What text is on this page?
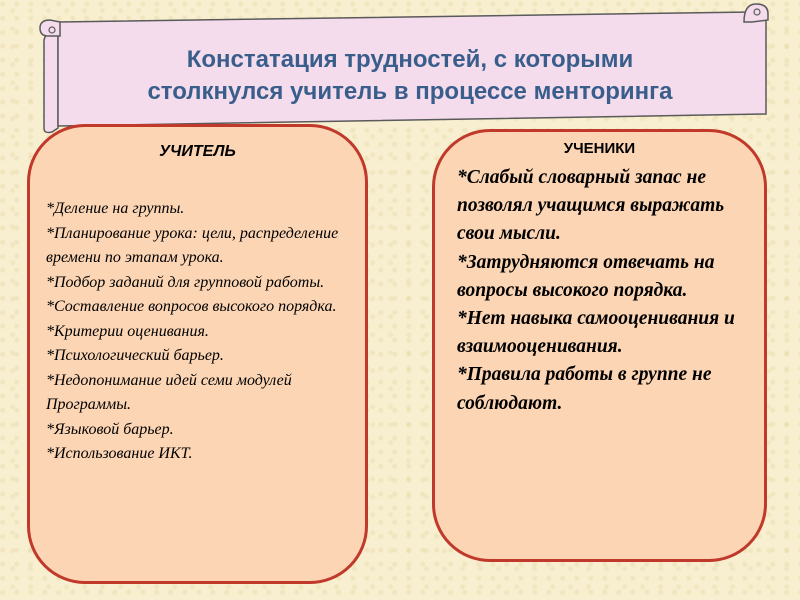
Констатация трудностей, с которыми
столкнулся учитель в процессе менторинга
УЧИТЕЛЬ
*Деление на группы.
*Планирование урока: цели, распределение времени по этапам урока.
*Подбор заданий для групповой работы.
*Составление вопросов высокого порядка.
*Критерии оценивания.
*Психологический барьер.
*Недопонимание идей семи модулей Программы.
*Языковой барьер.
*Использование ИКТ.
УЧЕНИКИ
*Слабый словарный запас не позволял учащимся выражать свои мысли.
*Затрудняются отвечать на вопросы высокого порядка.
*Нет навыка самооценивания и взаимооценивания.
*Правила работы в группе не соблюдают.
